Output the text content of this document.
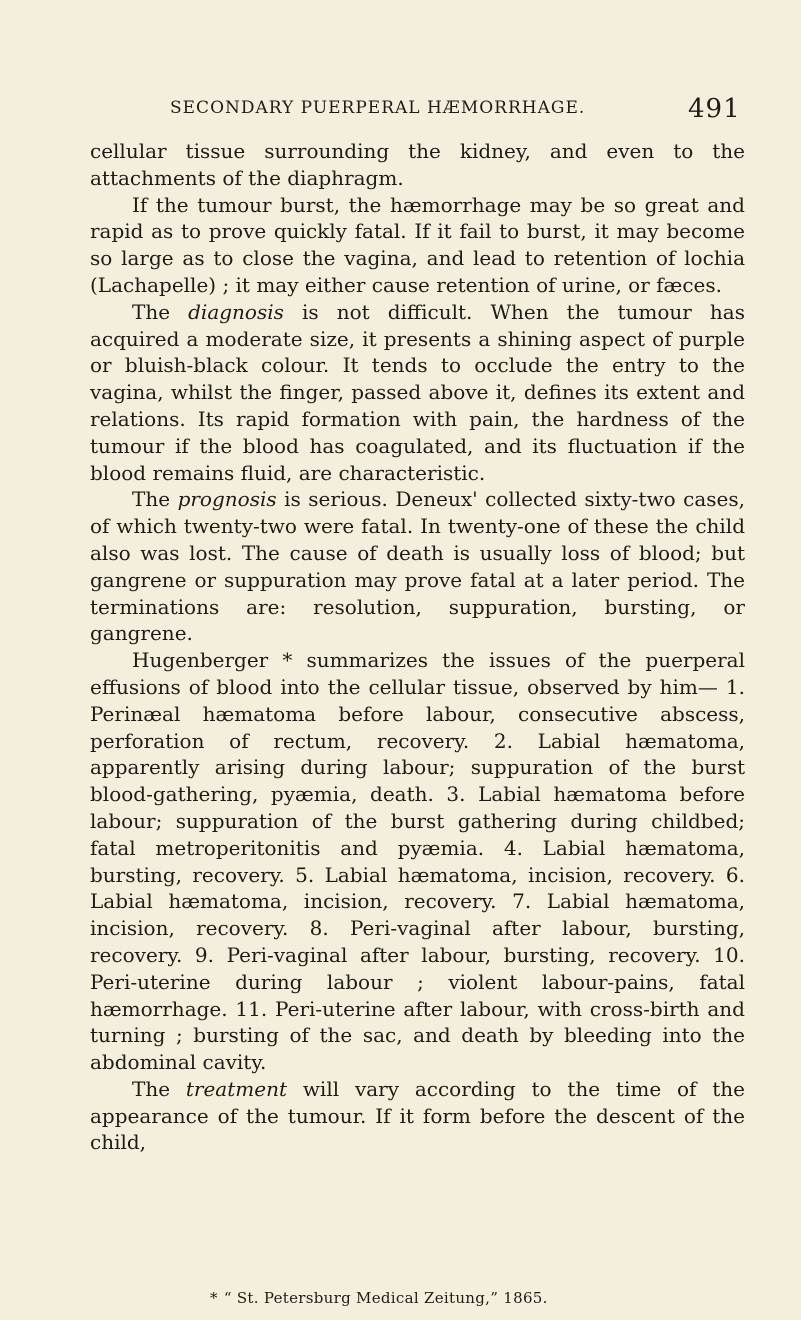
SECONDARY PUERPERAL HÆMORRHAGE.	491

cellular tissue surrounding the kidney, and even to the attachments of the diaphragm.

If the tumour burst, the hæmorrhage may be so great and rapid as to prove quickly fatal. If it fail to burst, it may become so large as to close the vagina, and lead to retention of lochia (Lachapelle) ; it may either cause retention of urine, or fæces.

The diagnosis is not difficult. When the tumour has acquired a moderate size, it presents a shining aspect of purple or bluish-black colour. It tends to occlude the entry to the vagina, whilst the finger, passed above it, defines its extent and relations. Its rapid formation with pain, the hardness of the tumour if the blood has coagulated, and its fluctuation if the blood remains fluid, are characteristic.

The prognosis is serious. Deneux' collected sixty-two cases, of which twenty-two were fatal. In twenty-one of these the child also was lost. The cause of death is usually loss of blood; but gangrene or suppuration may prove fatal at a later period. The terminations are: resolution, suppuration, bursting, or gangrene.

Hugenberger * summarizes the issues of the puerperal effusions of blood into the cellular tissue, observed by him— 1. Perinæal hæmatoma before labour, consecutive abscess, perforation of rectum, recovery. 2. Labial hæmatoma, apparently arising during labour; suppuration of the burst blood-gathering, pyæmia, death. 3. Labial hæmatoma before labour; suppuration of the burst gathering during childbed; fatal metroperitonitis and pyæmia. 4. Labial hæmatoma, bursting, recovery. 5. Labial hæmatoma, incision, recovery. 6. Labial hæmatoma, incision, recovery. 7. Labial hæmatoma, incision, recovery. 8. Peri-vaginal after labour, bursting, recovery. 9. Peri-vaginal after labour, bursting, recovery. 10. Peri-uterine during labour ; violent labour-pains, fatal hæmorrhage. 11. Peri-uterine after labour, with cross-birth and turning ; bursting of the sac, and death by bleeding into the abdominal cavity.

The treatment will vary according to the time of the appearance of the tumour. If it form before the descent of the child,

* “ St. Petersburg Medical Zeitung,” 1865.
